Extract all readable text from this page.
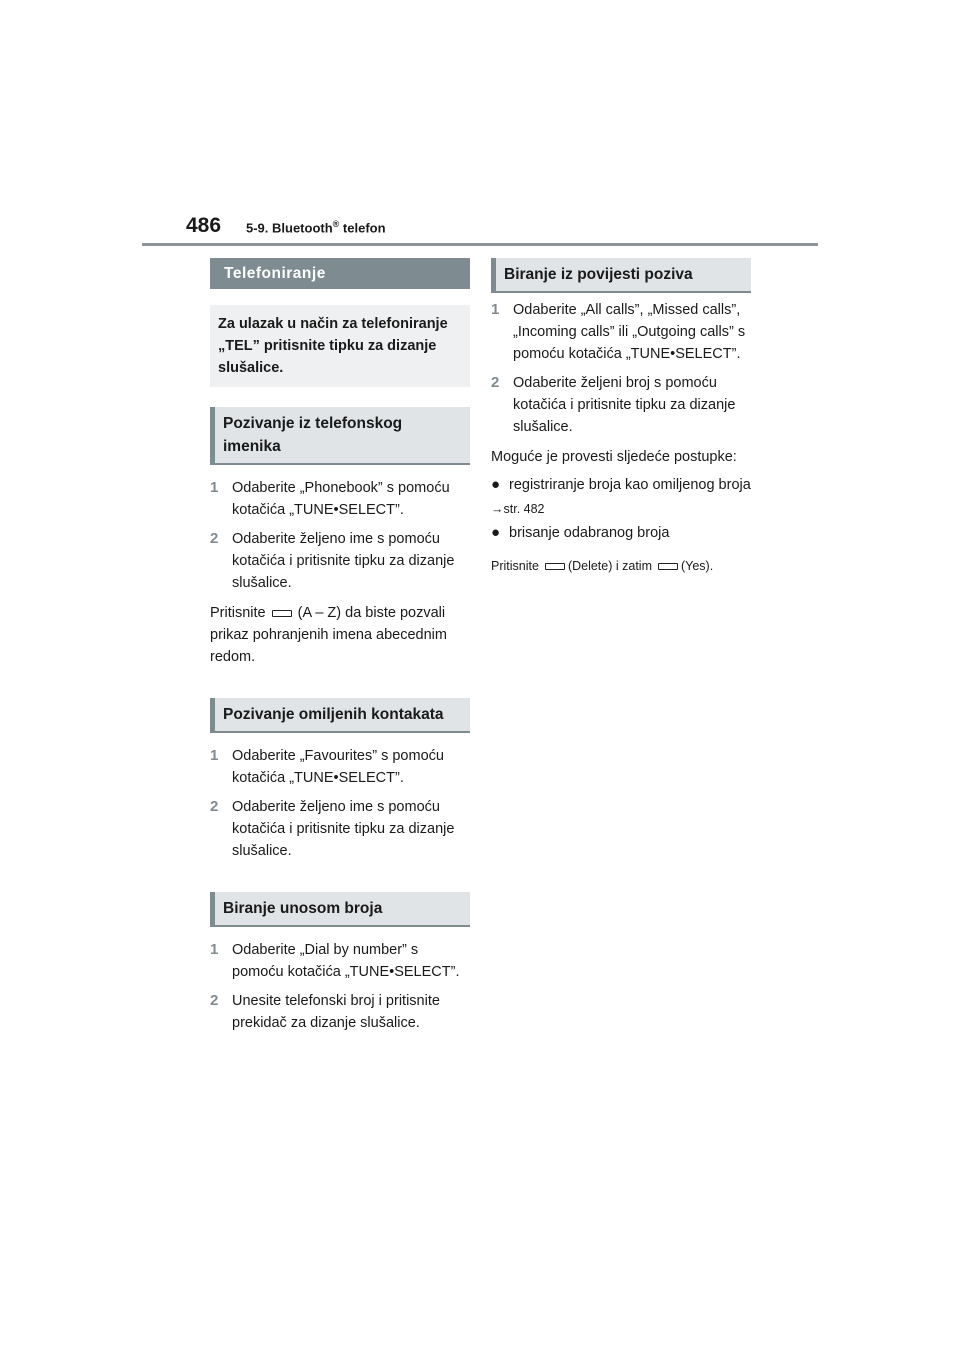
486 5-9. Bluetooth® telefon
Telefoniranje
Za ulazak u način za telefoniranje „TEL” pritisnite tipku za dizanje slušalice.
Pozivanje iz telefonskog imenika
1 Odaberite „Phonebook” s pomoću kotačića „TUNE•SELECT”.
2 Odaberite željeno ime s pomoću kotačića i pritisnite tipku za dizanje slušalice.
Pritisnite (A – Z) da biste pozvali prikaz pohranjenih imena abecednim redom.
Pozivanje omiljenih kontakata
1 Odaberite „Favourites” s pomoću kotačića „TUNE•SELECT”.
2 Odaberite željeno ime s pomoću kotačića i pritisnite tipku za dizanje slušalice.
Biranje unosom broja
1 Odaberite „Dial by number” s pomoću kotačića „TUNE•SELECT”.
2 Unesite telefonski broj i pritisnite prekidač za dizanje slušalice.
Biranje iz povijesti poziva
1 Odaberite „All calls”, „Missed calls”, „Incoming calls” ili „Outgoing calls” s pomoću kotačića „TUNE•SELECT”.
2 Odaberite željeni broj s pomoću kotačića i pritisnite tipku za dizanje slušalice.
Moguće je provesti sljedeće postupke:
● registriranje broja kao omiljenog broja
→str. 482
● brisanje odabranog broja
Pritisnite (Delete) i zatim (Yes).
